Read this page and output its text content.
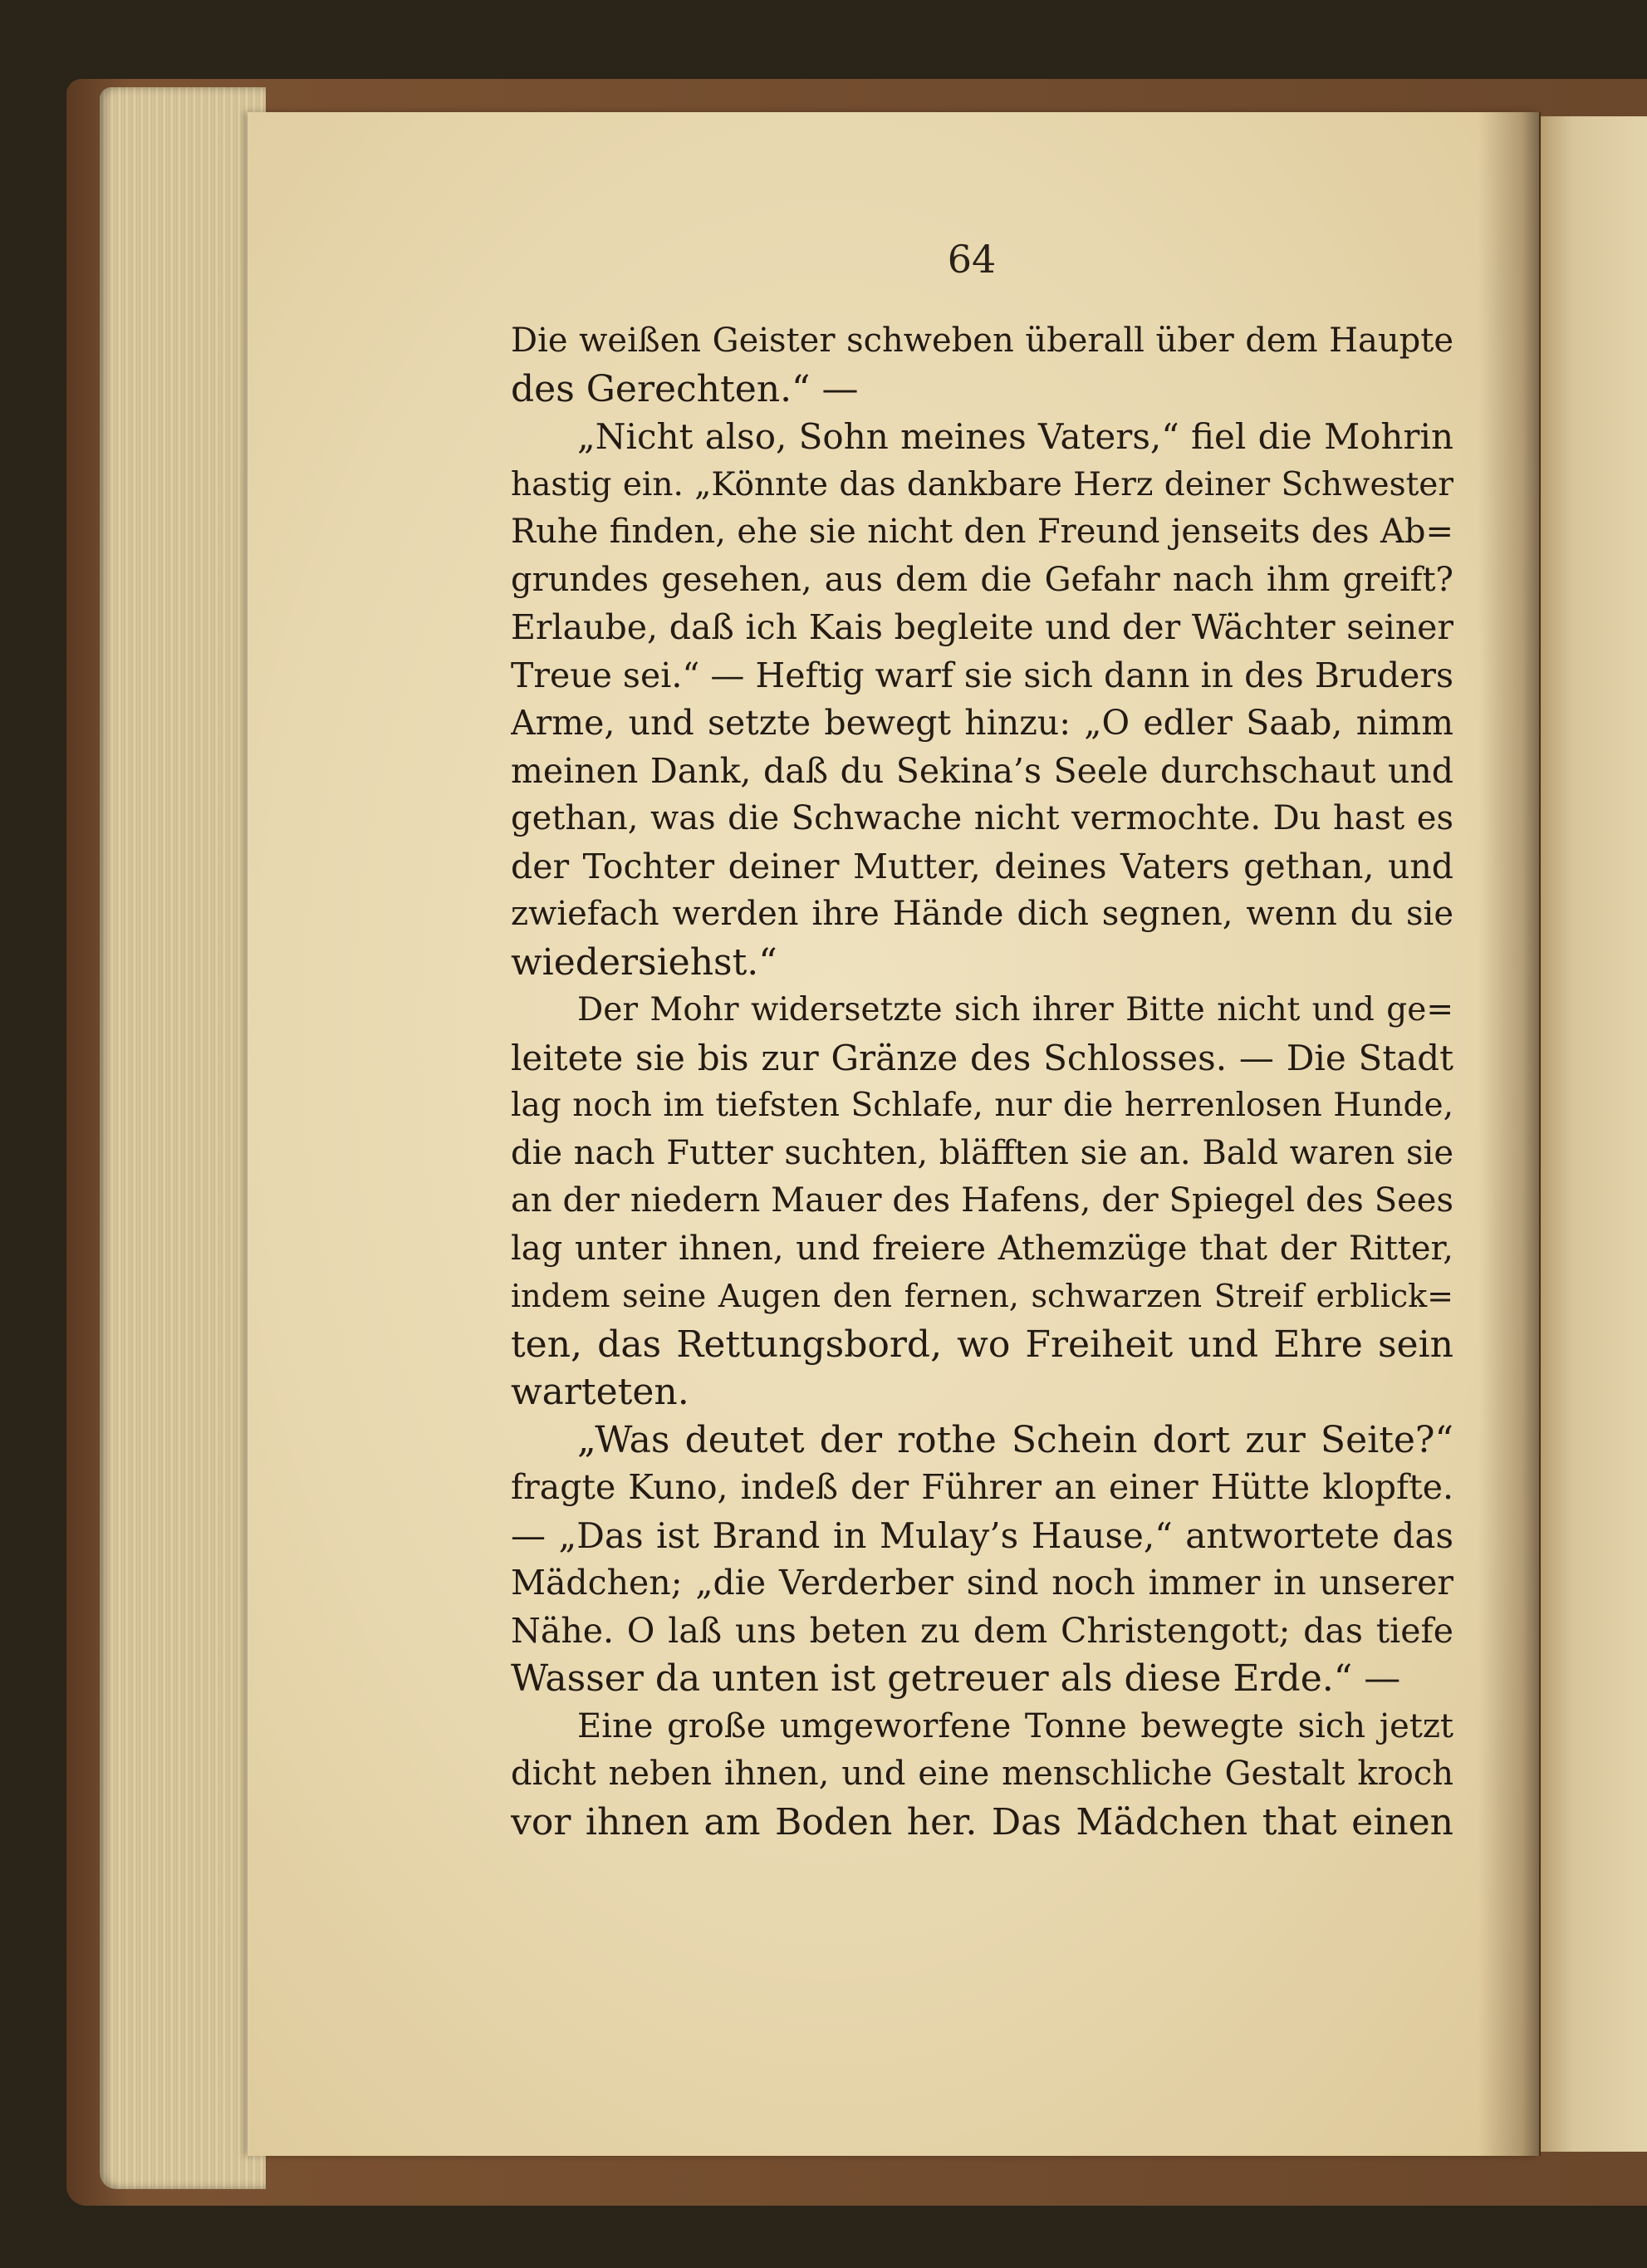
64
Die weißen Geister schweben überall über dem Haupte
des Gerechten.“ —
„Nicht also, Sohn meines Vaters,“ fiel die Mohrin
hastig ein. „Könnte das dankbare Herz deiner Schwester
Ruhe finden, ehe sie nicht den Freund jenseits des Ab=
grundes gesehen, aus dem die Gefahr nach ihm greift?
Erlaube, daß ich Kais begleite und der Wächter seiner
Treue sei.“ — Heftig warf sie sich dann in des Bruders
Arme, und setzte bewegt hinzu: „O edler Saab, nimm
meinen Dank, daß du Sekina’s Seele durchschaut und
gethan, was die Schwache nicht vermochte. Du hast es
der Tochter deiner Mutter, deines Vaters gethan, und
zwiefach werden ihre Hände dich segnen, wenn du sie
wiedersiehst.“
Der Mohr widersetzte sich ihrer Bitte nicht und ge=
leitete sie bis zur Gränze des Schlosses. — Die Stadt
lag noch im tiefsten Schlafe, nur die herrenlosen Hunde,
die nach Futter suchten, bläfften sie an. Bald waren sie
an der niedern Mauer des Hafens, der Spiegel des Sees
lag unter ihnen, und freiere Athemzüge that der Ritter,
indem seine Augen den fernen, schwarzen Streif erblick=
ten, das Rettungsbord, wo Freiheit und Ehre sein
warteten.
„Was deutet der rothe Schein dort zur Seite?“
fragte Kuno, indeß der Führer an einer Hütte klopfte.
— „Das ist Brand in Mulay’s Hause,“ antwortete das
Mädchen; „die Verderber sind noch immer in unserer
Nähe. O laß uns beten zu dem Christengott; das tiefe
Wasser da unten ist getreuer als diese Erde.“ —
Eine große umgeworfene Tonne bewegte sich jetzt
dicht neben ihnen, und eine menschliche Gestalt kroch
vor ihnen am Boden her. Das Mädchen that einen
